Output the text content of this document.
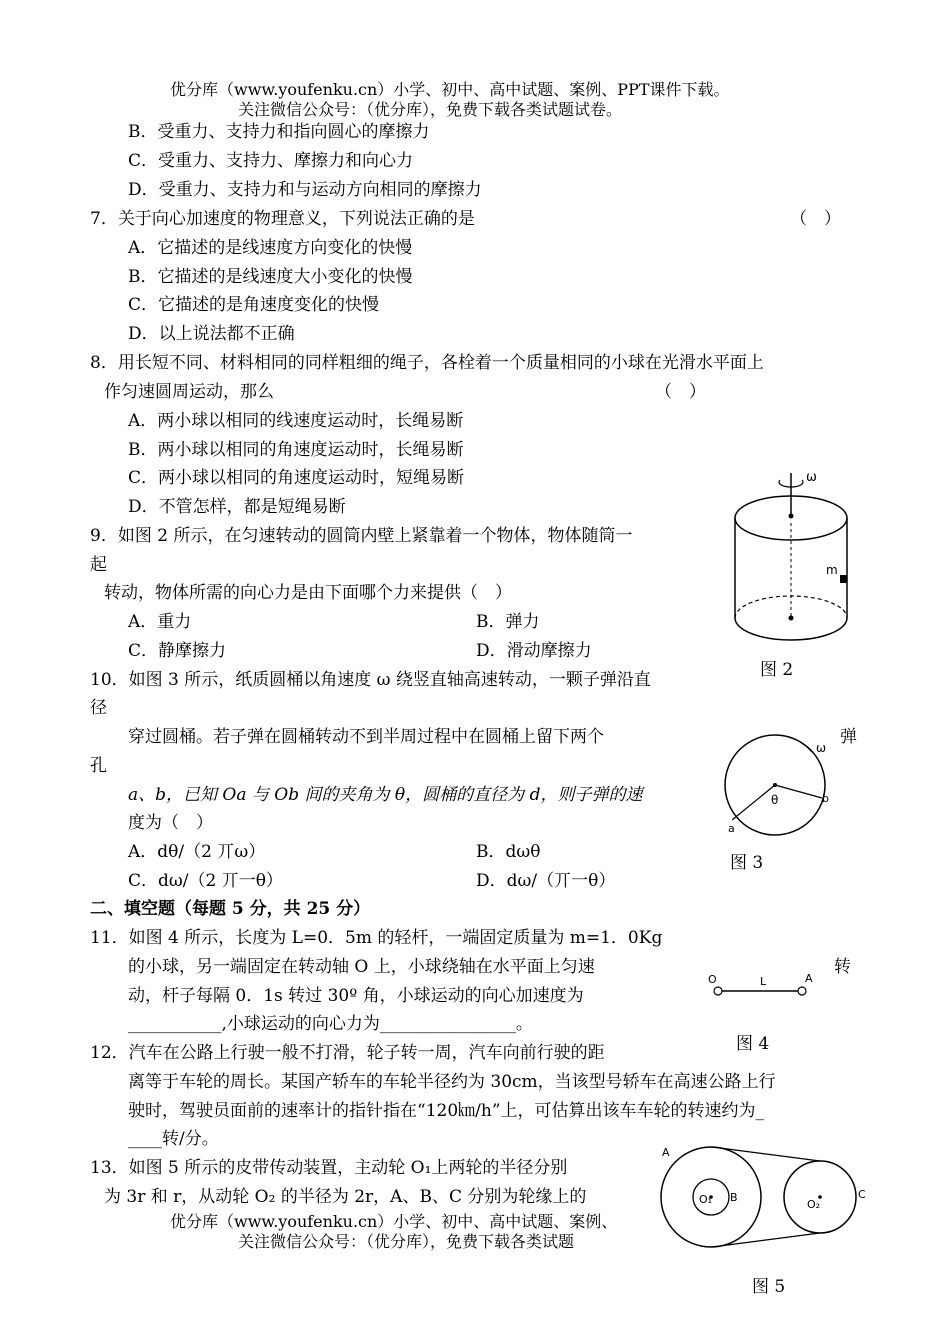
优分库（www.youfenku.cn）小学、初中、高中试题、案例、PPT课件下载。
关注微信公众号：（优分库），免费下载各类试题试卷。
B．受重力、支持力和指向圆心的摩擦力
C．受重力、支持力、摩擦力和向心力
D．受重力、支持力和与运动方向相同的摩擦力
7．关于向心加速度的物理意义，下列说法正确的是	（　）
A．它描述的是线速度方向变化的快慢
B．它描述的是线速度大小变化的快慢
C．它描述的是角速度变化的快慢
D．以上说法都不正确
8．用长短不同、材料相同的同样粗细的绳子，各栓着一个质量相同的小球在光滑水平面上
作匀速圆周运动，那么	（　）
A．两小球以相同的线速度运动时，长绳易断
B．两小球以相同的角速度运动时，长绳易断
C．两小球以相同的角速度运动时，短绳易断
D．不管怎样，都是短绳易断
9．如图 2 所示，在匀速转动的圆筒内壁上紧靠着一个物体，物体随筒一
起
转动，物体所需的向心力是由下面哪个力来提供（　）
A．重力	B．弹力
C．静摩擦力	D．滑动摩擦力
10．如图 3 所示，纸质圆桶以角速度 ω 绕竖直轴高速转动，一颗子弹沿直
径
穿过圆桶。若子弹在圆桶转动不到半周过程中在圆桶上留下两个
孔
a、b，已知 Oa 与 Ob 间的夹角为 θ，圆桶的直径为 d，则子弹的速
度为（　）
A．dθ/（2 丌ω）	B．dωθ
C．dω/（2 丌一θ）	D．dω/（丌一θ）
二、填空题（每题 5 分，共 25 分）
11．如图 4 所示，长度为 L=0．5m 的轻杆，一端固定质量为 m=1．0Kg
的小球，另一端固定在转动轴 O 上，小球绕轴在水平面上匀速
动，杆子每隔 0．1s 转过 30º 角，小球运动的向心加速度为
___________,小球运动的向心力为________________。
12．汽车在公路上行驶一般不打滑，轮子转一周，汽车向前行驶的距
离等于车轮的周长。某国产轿车的车轮半径约为 30cm，当该型号轿车在高速公路上行
驶时，驾驶员面前的速率计的指针指在“120㎞/h”上，可估算出该车车轮的转速约为_
____转/分。
13．如图 5 所示的皮带传动装置，主动轮 O₁上两轮的半径分别
为 3r 和 r，从动轮 O₂ 的半径为 2r，A、B、C 分别为轮缘上的
弹
转
ω
m
图 2
ω
θ
a
b
图 3
O	L	A
图 4
A
B	C
O₁	O₂
图 5
优分库（www.youfenku.cn）小学、初中、高中试题、案例、
关注微信公众号：（优分库），免费下载各类试题
